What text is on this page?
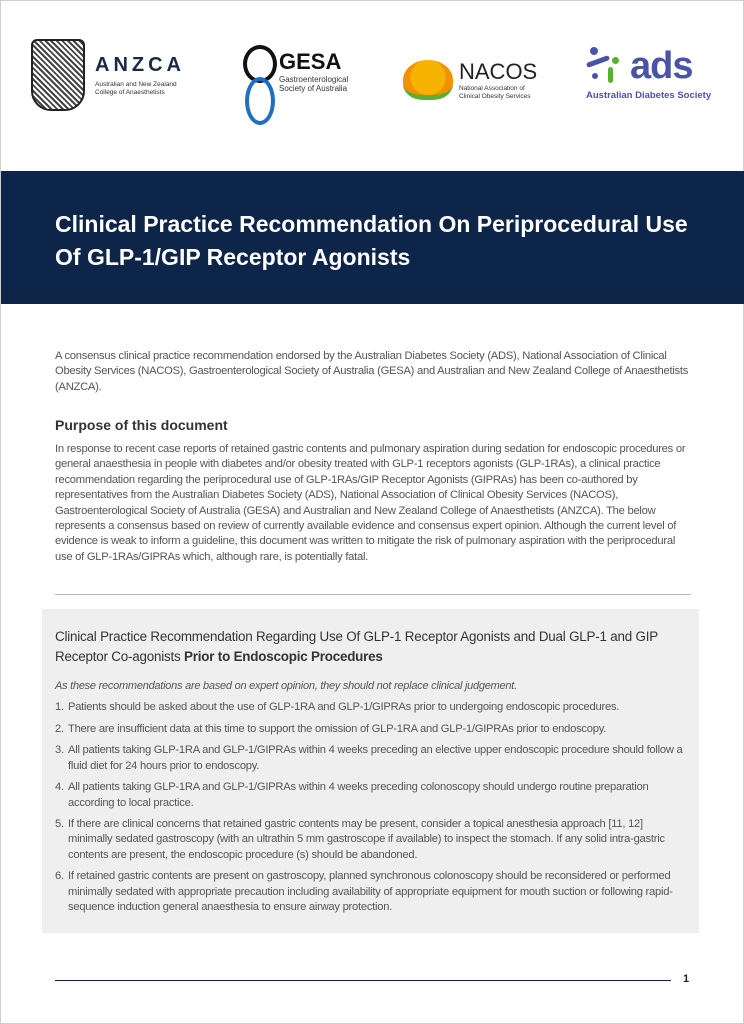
ANZCA
Australian and New Zealand College of Anaesthetists
GESA
Gastroenterological Society of Australia
NACOS
National Association of Clinical Obesity Services
ads
Australian Diabetes Society
Clinical Practice Recommendation On Periprocedural Use Of GLP-1/GIP Receptor Agonists

A consensus clinical practice recommendation endorsed by the Australian Diabetes Society (ADS), National Association of Clinical Obesity Services (NACOS), Gastroenterological Society of Australia (GESA) and Australian and New Zealand College of Anaesthetists (ANZCA).

Purpose of this document

In response to recent case reports of retained gastric contents and pulmonary aspiration during sedation for endoscopic procedures or general anaesthesia in people with diabetes and/or obesity treated with GLP-1 receptors agonists (GLP-1RAs), a clinical practice recommendation regarding the periprocedural use of GLP-1RAs/GIP Receptor Agonists (GIPRAs) has been co-authored by representatives from the Australian Diabetes Society (ADS), National Association of Clinical Obesity Services (NACOS), Gastroenterological Society of Australia (GESA) and Australian and New Zealand College of Anaesthetists (ANZCA). The below represents a consensus based on review of currently available evidence and consensus expert opinion. Although the current level of evidence is weak to inform a guideline, this document was written to mitigate the risk of pulmonary aspiration with the periprocedural use of GLP-1RAs/GIPRAs which, although rare, is potentially fatal.

Clinical Practice Recommendation Regarding Use Of GLP-1 Receptor Agonists and Dual GLP-1 and GIP Receptor Co-agonists Prior to Endoscopic Procedures

As these recommendations are based on expert opinion, they should not replace clinical judgement.

1. Patients should be asked about the use of GLP-1RA and GLP-1/GIPRAs prior to undergoing endoscopic procedures.
2. There are insufficient data at this time to support the omission of GLP-1RA and GLP-1/GIPRAs prior to endoscopy.
3. All patients taking GLP-1RA and GLP-1/GIPRAs within 4 weeks preceding an elective upper endoscopic procedure should follow a fluid diet for 24 hours prior to endoscopy.
4. All patients taking GLP-1RA and GLP-1/GIPRAs within 4 weeks preceding colonoscopy should undergo routine preparation according to local practice.
5. If there are clinical concerns that retained gastric contents may be present, consider a topical anesthesia approach [11, 12] minimally sedated gastroscopy (with an ultrathin 5 mm gastroscope if available) to inspect the stomach. If any solid intra-gastric contents are present, the endoscopic procedure (s) should be abandoned.
6. If retained gastric contents are present on gastroscopy, planned synchronous colonoscopy should be reconsidered or performed minimally sedated with appropriate precaution including availability of appropriate equipment for mouth suction or following rapid-sequence induction general anaesthesia to ensure airway protection.
1
